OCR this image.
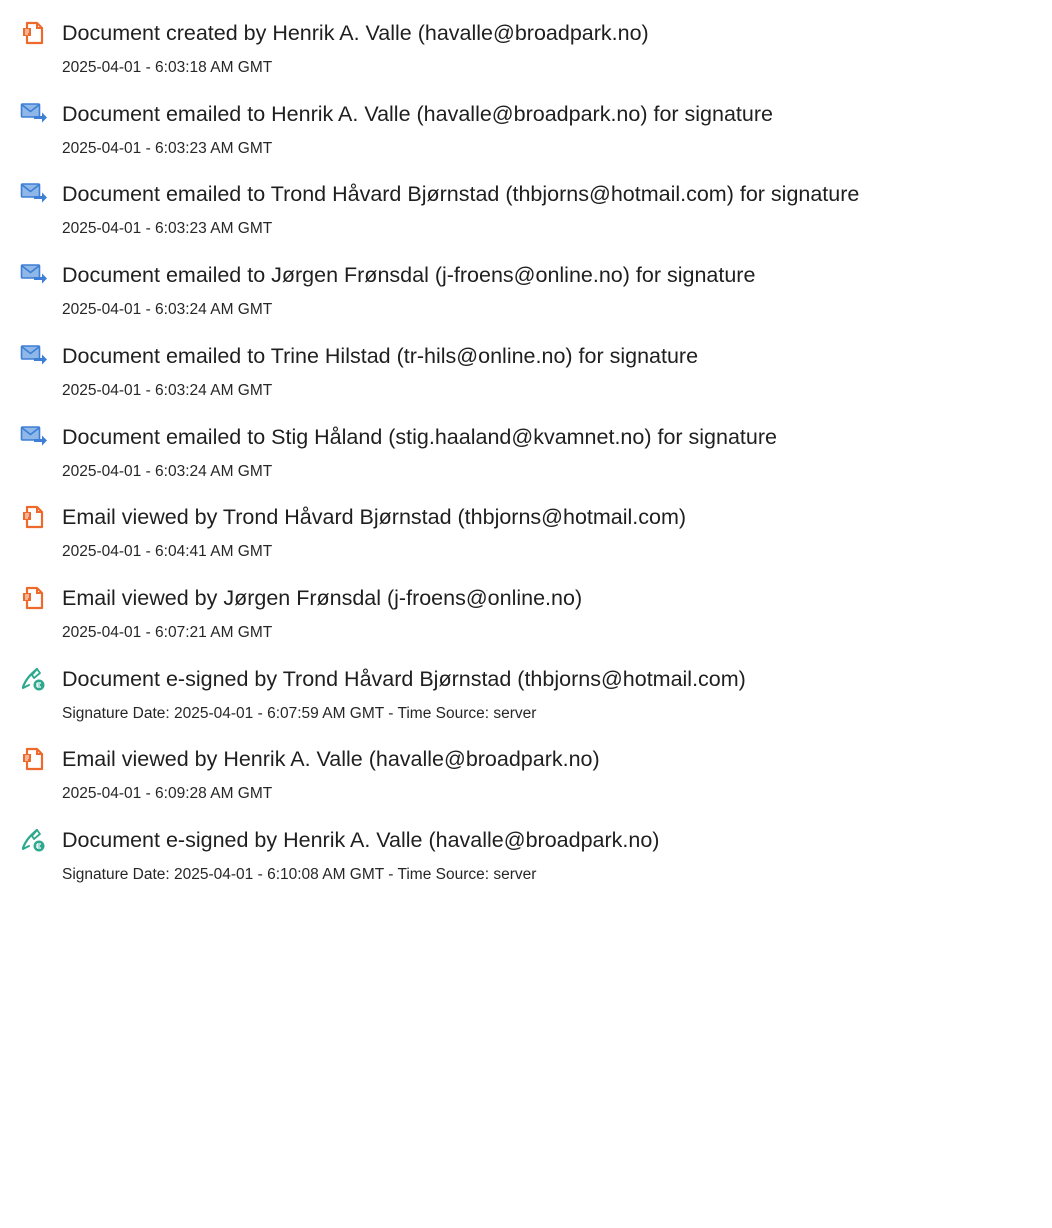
Document created by Henrik A. Valle (havalle@broadpark.no)
2025-04-01 - 6:03:18 AM GMT
Document emailed to Henrik A. Valle (havalle@broadpark.no) for signature
2025-04-01 - 6:03:23 AM GMT
Document emailed to Trond Håvard Bjørnstad (thbjorns@hotmail.com) for signature
2025-04-01 - 6:03:23 AM GMT
Document emailed to Jørgen Frønsdal (j-froens@online.no) for signature
2025-04-01 - 6:03:24 AM GMT
Document emailed to Trine Hilstad (tr-hils@online.no) for signature
2025-04-01 - 6:03:24 AM GMT
Document emailed to Stig Håland (stig.haaland@kvamnet.no) for signature
2025-04-01 - 6:03:24 AM GMT
Email viewed by Trond Håvard Bjørnstad (thbjorns@hotmail.com)
2025-04-01 - 6:04:41 AM GMT
Email viewed by Jørgen Frønsdal (j-froens@online.no)
2025-04-01 - 6:07:21 AM GMT
Document e-signed by Trond Håvard Bjørnstad (thbjorns@hotmail.com)
Signature Date: 2025-04-01 - 6:07:59 AM GMT - Time Source: server
Email viewed by Henrik A. Valle (havalle@broadpark.no)
2025-04-01 - 6:09:28 AM GMT
Document e-signed by Henrik A. Valle (havalle@broadpark.no)
Signature Date: 2025-04-01 - 6:10:08 AM GMT - Time Source: server
